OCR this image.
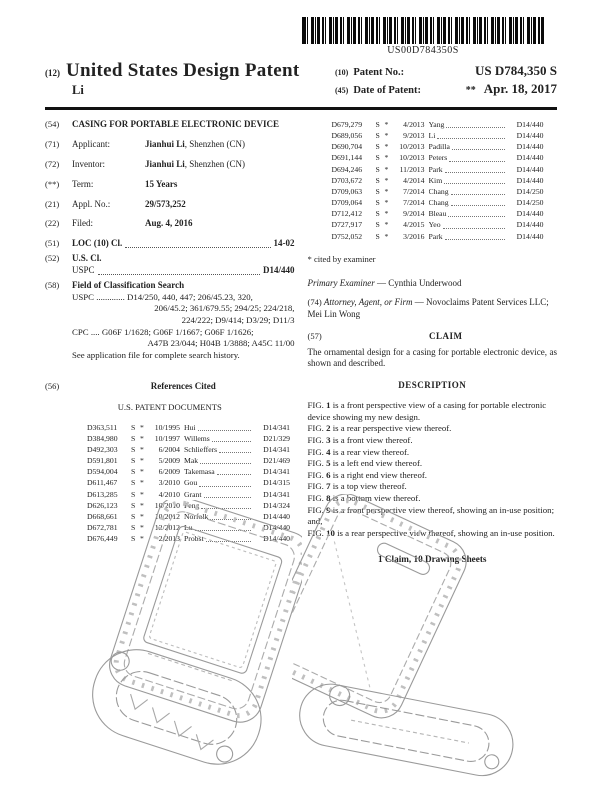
US00D784350S
(12) United States Design Patent
Li
(10) Patent No.:	US D784,350 S
(45) Date of Patent:	** Apr. 18, 2017
(54)	CASING FOR PORTABLE ELECTRONIC DEVICE
(71)	Applicant:	Jianhui Li, Shenzhen (CN)
(72)	Inventor:	Jianhui Li, Shenzhen (CN)
(**)	Term:	15 Years
(21)	Appl. No.:	29/573,252
(22)	Filed:	Aug. 4, 2016
(51)	LOC (10) Cl.	14-02
(52)	U.S. Cl.
USPC	D14/440
(58)	Field of Classification Search
USPC ............. D14/250, 440, 447; 206/45.23, 320,
206/45.2; 361/679.55; 294/25; 224/218,
224/222; D9/414; D3/29; D11/3
CPC .... G06F 1/1628; G06F 1/1667; G06F 1/1626;
A47B 23/044; H04B 1/3888; A45C 11/00
See application file for complete search history.
(56)	References Cited
U.S. PATENT DOCUMENTS
D363,511	S *	10/1995 Hui	D14/341
D384,980	S *	10/1997 Willems	D21/329
D492,303	S *	6/2004 Schlieffers	D14/341
D591,801	S *	5/2009 Mak	D21/469
D594,004	S *	6/2009 Takemasa	D14/341
D611,467	S *	3/2010 Gou	D14/315
D613,285	S *	4/2010 Grant	D14/341
D626,123	S *	10/2010 Peng	D14/324
D668,661	S *	10/2012 Norfolk	D14/440
D672,781	S *	12/2012 Lu	D14/440
D676,449	S *	2/2013 Probst	D14/440
D679,279	S *	4/2013 Yang	D14/440
D689,056	S *	9/2013 Li	D14/440
D690,704	S *	10/2013 Padilla	D14/440
D691,144	S *	10/2013 Peters	D14/440
D694,246	S *	11/2013 Park	D14/440
D703,672	S *	4/2014 Kim	D14/440
D709,063	S *	7/2014 Chang	D14/250
D709,064	S *	7/2014 Chang	D14/250
D712,412	S *	9/2014 Bleau	D14/440
D727,917	S *	4/2015 Yeo	D14/440
D752,052	S *	3/2016 Park	D14/440
* cited by examiner
Primary Examiner — Cynthia Underwood
(74) Attorney, Agent, or Firm — Novoclaims Patent Services LLC; Mei Lin Wong
(57)	CLAIM
The ornamental design for a casing for portable electronic device, as shown and described.
DESCRIPTION

FIG. 1 is a front perspective view of a casing for portable electronic device showing my new design.

FIG. 2 is a rear perspective view thereof.

FIG. 3 is a front view thereof.

FIG. 4 is a rear view thereof.

FIG. 5 is a left end view thereof.

FIG. 6 is a right end view thereof.

FIG. 7 is a top view thereof.

FIG. 8 is a bottom view thereof.

FIG. 9 is a front perspective view thereof, showing an in-use position; and,

FIG. 10 is a rear perspective view thereof, showing an in-use position.

1 Claim, 10 Drawing Sheets
